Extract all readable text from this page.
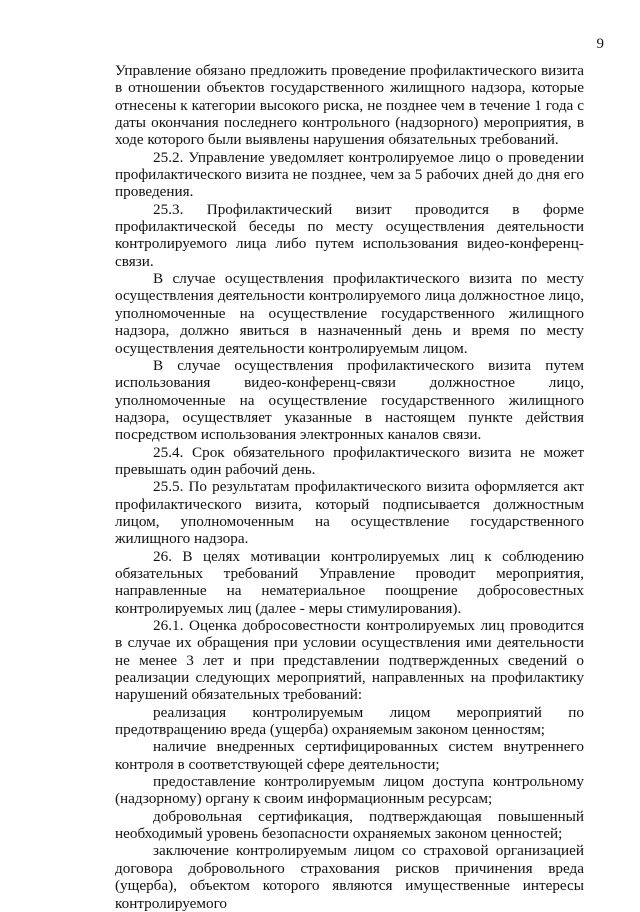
9

Управление обязано предложить проведение профилактического визита в отношении объектов государственного жилищного надзора, которые отнесены к категории высокого риска, не позднее чем в течение 1 года с даты окончания последнего контрольного (надзорного) мероприятия, в ходе которого были выявлены нарушения обязательных требований.

25.2. Управление уведомляет контролируемое лицо о проведении профилактического визита не позднее, чем за 5 рабочих дней до дня его проведения.

25.3. Профилактический визит проводится в форме профилактической беседы по месту осуществления деятельности контролируемого лица либо путем использования видео-конференц-связи.

В случае осуществления профилактического визита по месту осуществления деятельности контролируемого лица должностное лицо, уполномоченные на осуществление государственного жилищного надзора, должно явиться в назначенный день и время по месту осуществления деятельности контролируемым лицом.

В случае осуществления профилактического визита путем использования видео-конференц-связи должностное лицо, уполномоченные на осуществление государственного жилищного надзора, осуществляет указанные в настоящем пункте действия посредством использования электронных каналов связи.

25.4. Срок обязательного профилактического визита не может превышать один рабочий день.

25.5. По результатам профилактического визита оформляется акт профилактического визита, который подписывается должностным лицом, уполномоченным на осуществление государственного жилищного надзора.

26. В целях мотивации контролируемых лиц к соблюдению обязательных требований Управление проводит мероприятия, направленные на нематериальное поощрение добросовестных контролируемых лиц (далее - меры стимулирования).

26.1. Оценка добросовестности контролируемых лиц проводится в случае их обращения при условии осуществления ими деятельности не менее 3 лет и при представлении подтвержденных сведений о реализации следующих мероприятий, направленных на профилактику нарушений обязательных требований:

реализация контролируемым лицом мероприятий по предотвращению вреда (ущерба) охраняемым законом ценностям;

наличие внедренных сертифицированных систем внутреннего контроля в соответствующей сфере деятельности;

предоставление контролируемым лицом доступа контрольному (надзорному) органу к своим информационным ресурсам;

добровольная сертификация, подтверждающая повышенный необходимый уровень безопасности охраняемых законом ценностей;

заключение контролируемым лицом со страховой организацией договора добровольного страхования рисков причинения вреда (ущерба), объектом которого являются имущественные интересы контролируемого
